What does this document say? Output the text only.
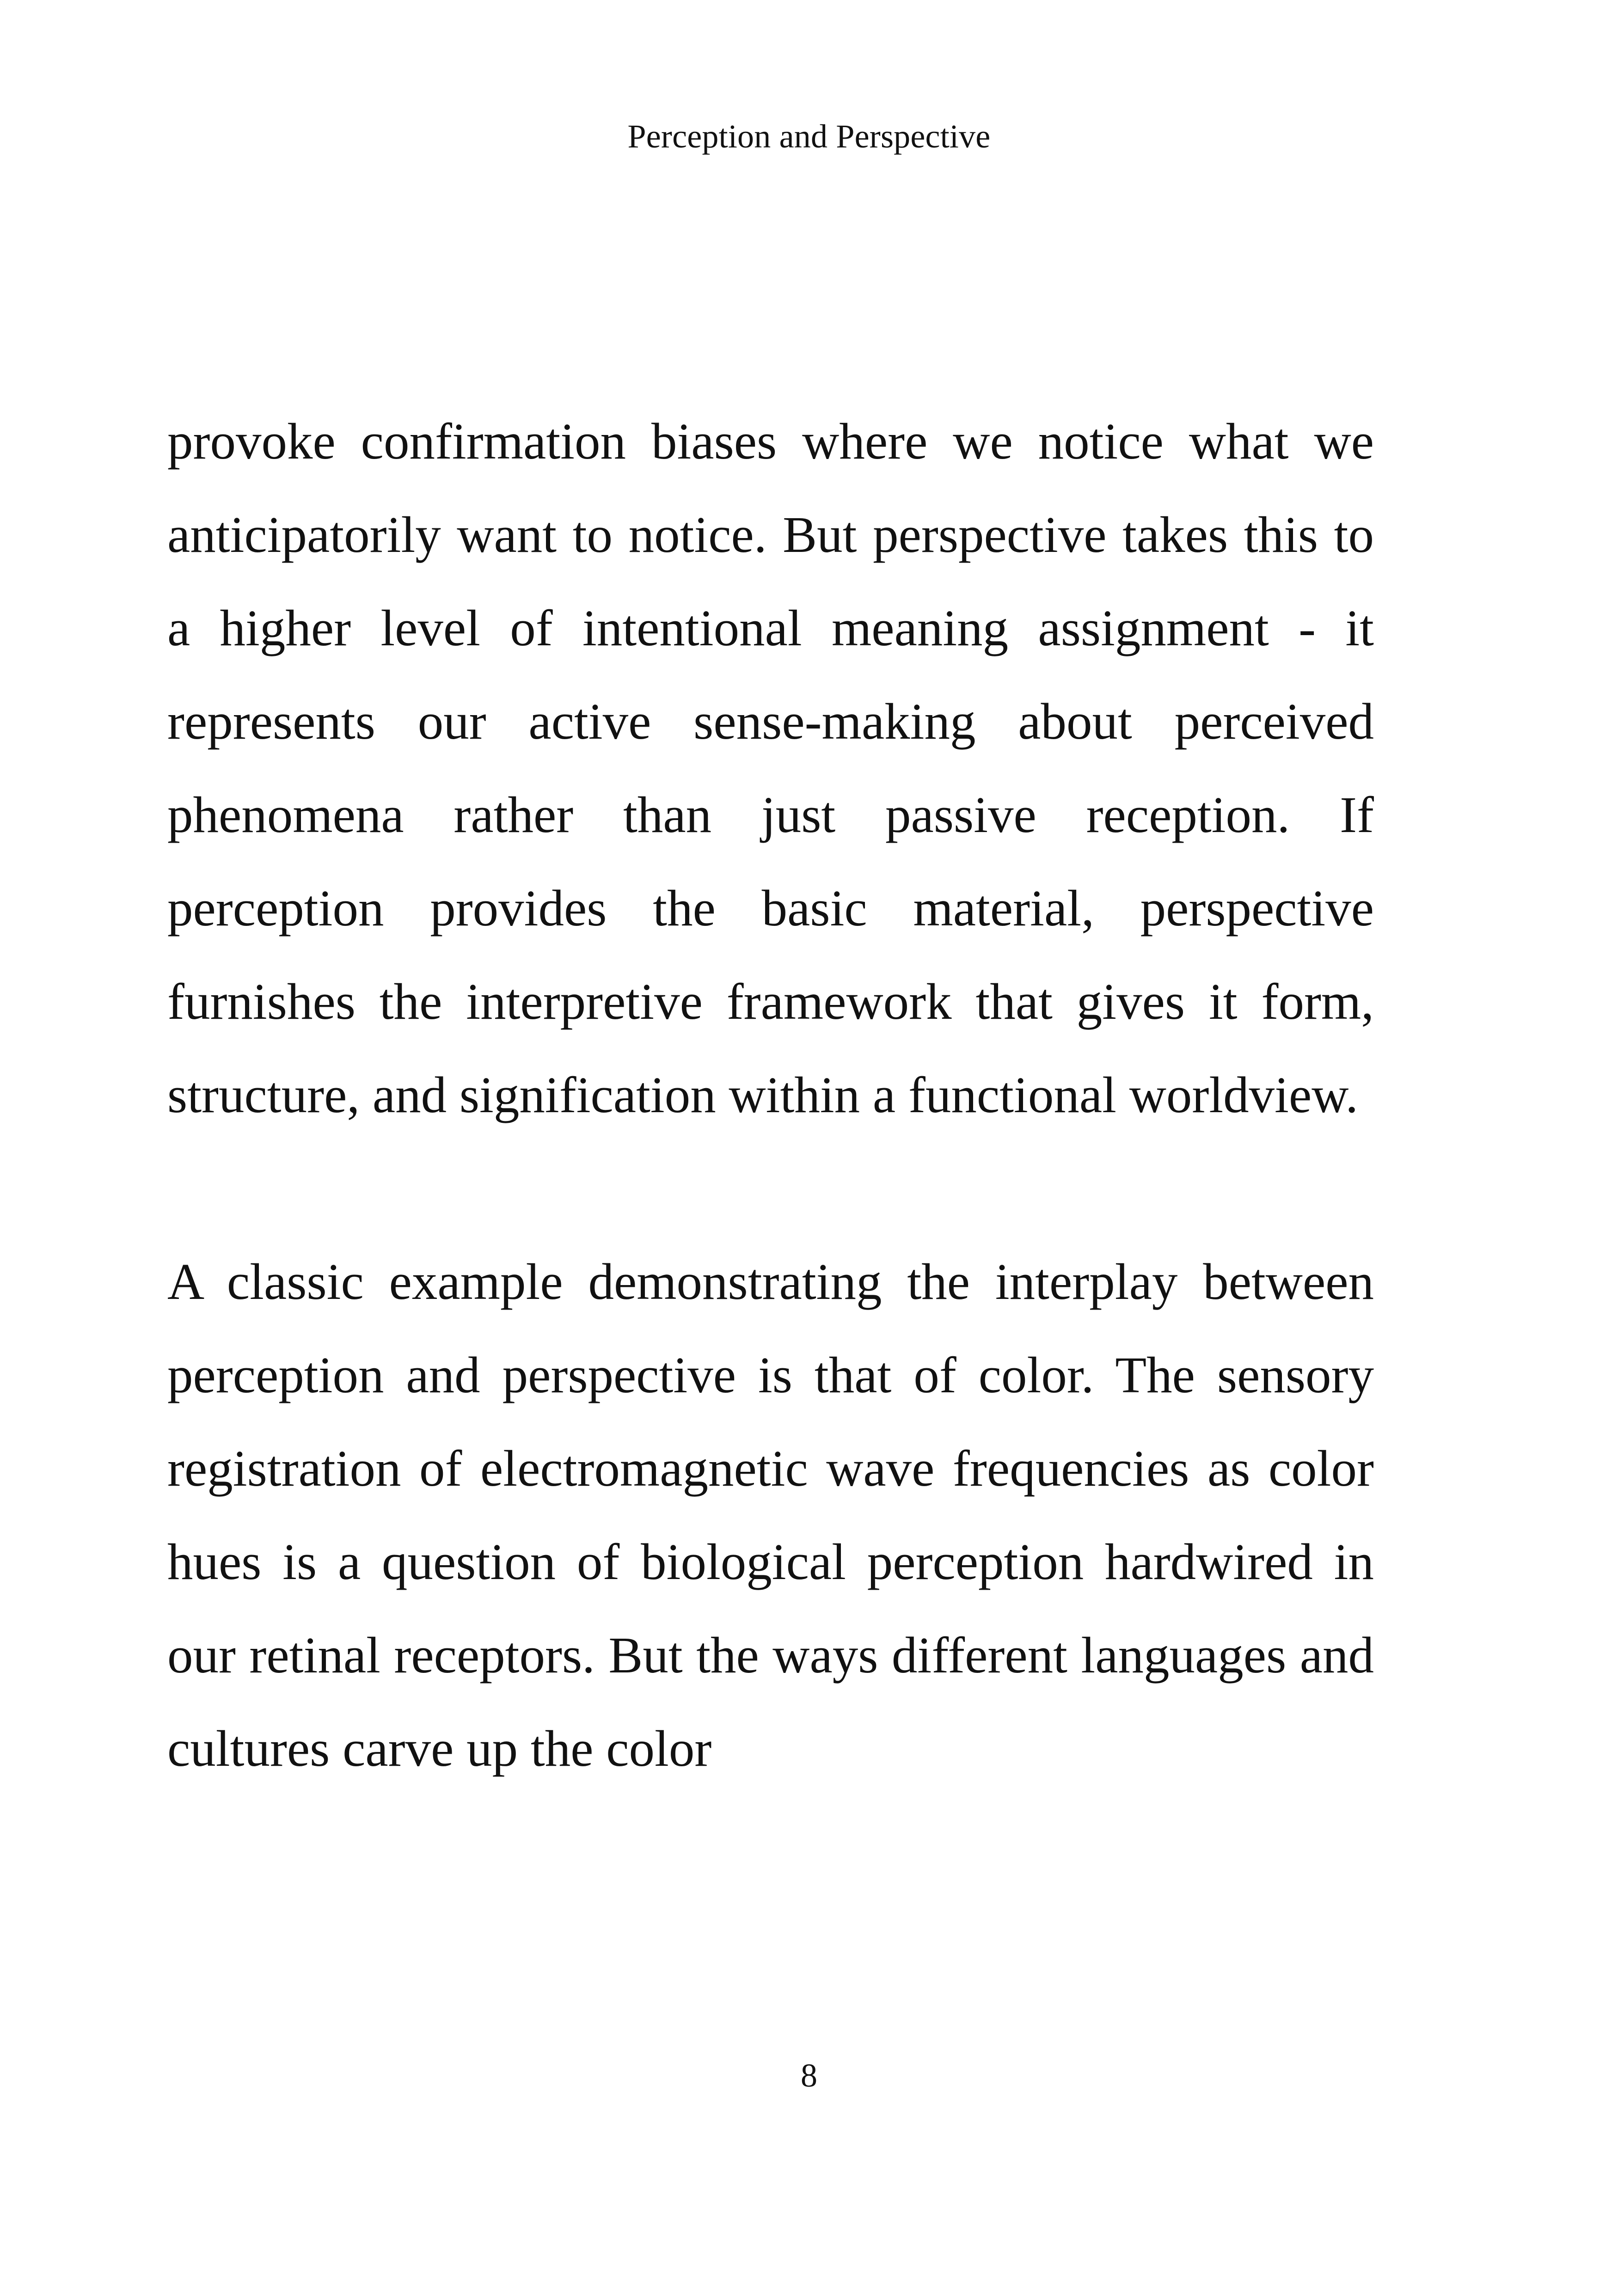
Perception and Perspective

provoke confirmation biases where we notice what we anticipatorily want to notice. But perspective takes this to a higher level of intentional meaning assignment - it represents our active sense-making about perceived phenomena rather than just passive reception. If perception provides the basic material, perspective furnishes the interpretive framework that gives it form, structure, and signification within a functional worldview.

A classic example demonstrating the interplay between perception and perspective is that of color. The sensory registration of electromagnetic wave frequencies as color hues is a question of biological perception hardwired in our retinal receptors. But the ways different languages and cultures carve up the color

8
